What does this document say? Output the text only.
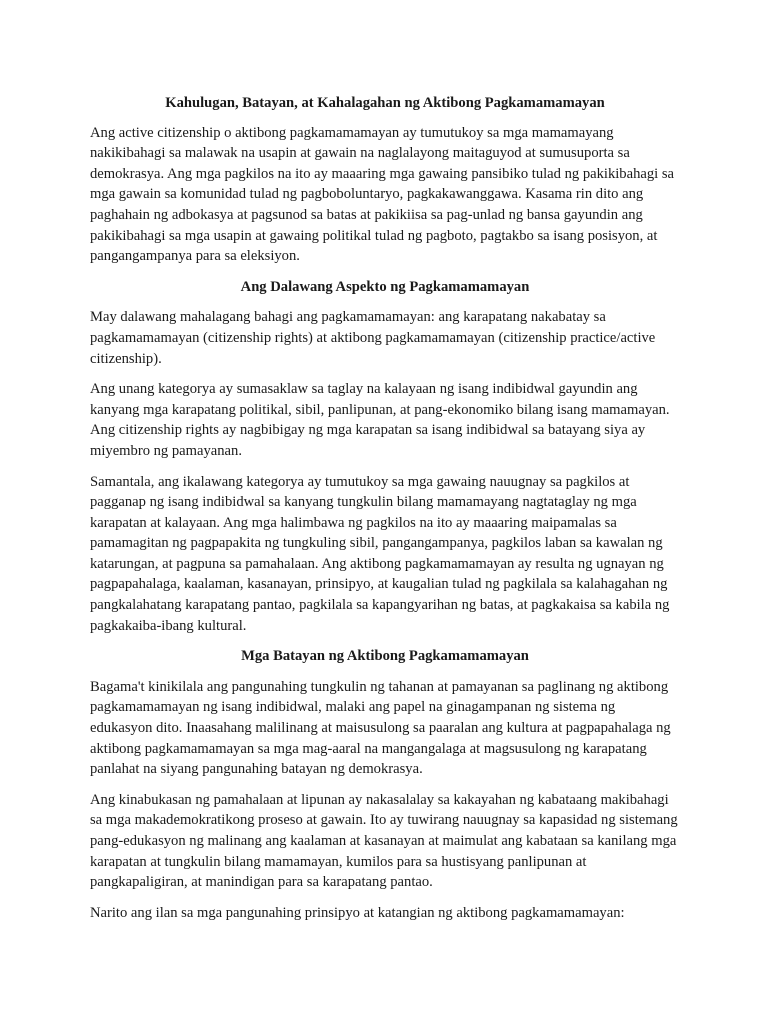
Kahulugan, Batayan, at Kahalagahan ng Aktibong Pagkamamamayan

Ang active citizenship o aktibong pagkamamamayan ay tumutukoy sa mga mamamayang nakikibahagi sa malawak na usapin at gawain na naglalayong maitaguyod at sumusuporta sa demokrasya. Ang mga pagkilos na ito ay maaaring mga gawaing pansibiko tulad ng pakikibahagi sa mga gawain sa komunidad tulad ng pagboboluntaryo, pagkakawanggawa. Kasama rin dito ang paghahain ng adbokasya at pagsunod sa batas at pakikiisa sa pag-unlad ng bansa gayundin ang pakikibahagi sa mga usapin at gawaing politikal tulad ng pagboto, pagtakbo sa isang posisyon, at pangangampanya para sa eleksiyon.

Ang Dalawang Aspekto ng Pagkamamamayan

May dalawang mahalagang bahagi ang pagkamamamayan: ang karapatang nakabatay sa pagkamamamayan (citizenship rights) at aktibong pagkamamamayan (citizenship practice/active citizenship).

Ang unang kategorya ay sumasaklaw sa taglay na kalayaan ng isang indibidwal gayundin ang kanyang mga karapatang politikal, sibil, panlipunan, at pang-ekonomiko bilang isang mamamayan. Ang citizenship rights ay nagbibigay ng mga karapatan sa isang indibidwal sa batayang siya ay miyembro ng pamayanan.

Samantala, ang ikalawang kategorya ay tumutukoy sa mga gawaing nauugnay sa pagkilos at pagganap ng isang indibidwal sa kanyang tungkulin bilang mamamayang nagtataglay ng mga karapatan at kalayaan. Ang mga halimbawa ng pagkilos na ito ay maaaring maipamalas sa pamamagitan ng pagpapakita ng tungkuling sibil, pangangampanya, pagkilos laban sa kawalan ng katarungan, at pagpuna sa pamahalaan. Ang aktibong pagkamamamayan ay resulta ng ugnayan ng pagpapahalaga, kaalaman, kasanayan, prinsipyo, at kaugalian tulad ng pagkilala sa kalahagahan ng pangkalahatang karapatang pantao, pagkilala sa kapangyarihan ng batas, at pagkakaisa sa kabila ng pagkakaiba-ibang kultural.

Mga Batayan ng Aktibong Pagkamamamayan

Bagama't kinikilala ang pangunahing tungkulin ng tahanan at pamayanan sa paglinang ng aktibong pagkamamamayan ng isang indibidwal, malaki ang papel na ginagampanan ng sistema ng edukasyon dito. Inaasahang malilinang at maisusulong sa paaralan ang kultura at pagpapahalaga ng aktibong pagkamamamayan sa mga mag-aaral na mangangalaga at magsusulong ng karapatang panlahat na siyang pangunahing batayan ng demokrasya.

Ang kinabukasan ng pamahalaan at lipunan ay nakasalalay sa kakayahan ng kabataang makibahagi sa mga makademokratikong proseso at gawain. Ito ay tuwirang nauugnay sa kapasidad ng sistemang pang-edukasyon ng malinang ang kaalaman at kasanayan at maimulat ang kabataan sa kanilang mga karapatan at tungkulin bilang mamamayan, kumilos para sa hustisyang panlipunan at pangkapaligiran, at manindigan para sa karapatang pantao.

Narito ang ilan sa mga pangunahing prinsipyo at katangian ng aktibong pagkamamamayan:
